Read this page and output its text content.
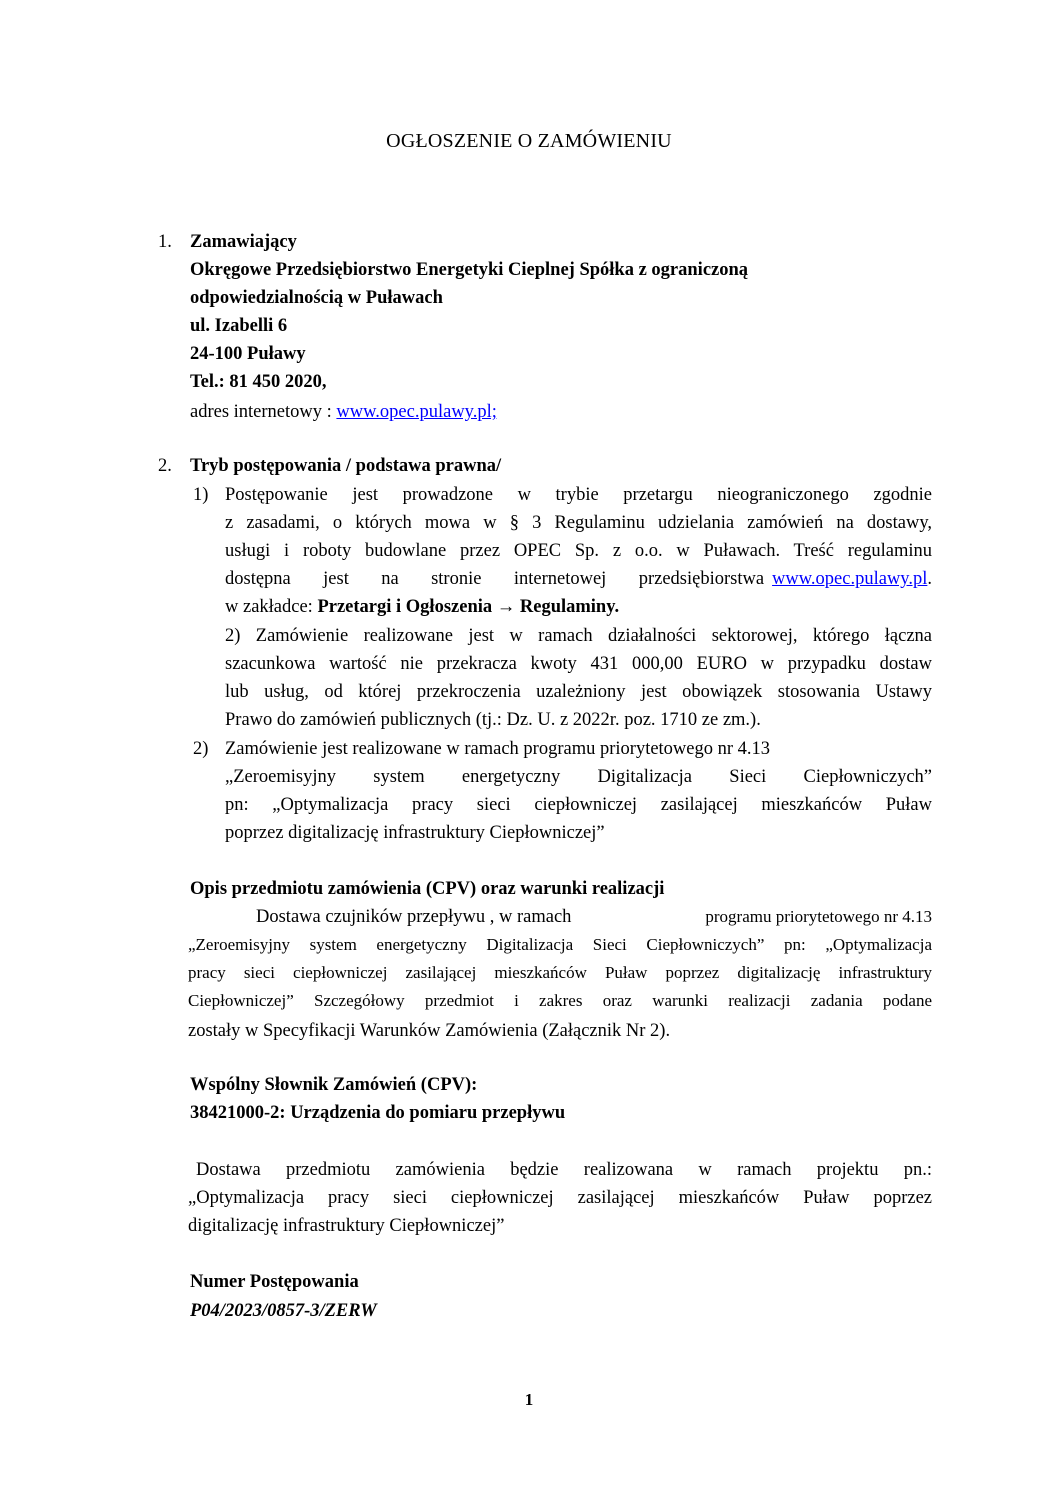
OGŁOSZENIE O ZAMÓWIENIU
1. Zamawiający
Okręgowe Przedsiębiorstwo Energetyki Cieplnej Spółka z ograniczoną
odpowiedzialnością w Puławach
ul. Izabelli 6
24-100 Puławy
Tel.: 81 450 2020,
adres internetowy : www.opec.pulawy.pl;
2. Tryb postępowania / podstawa prawna/
1) Postępowanie jest prowadzone w trybie przetargu nieograniczonego zgodnie
z zasadami, o których mowa w § 3 Regulaminu udzielania zamówień na dostawy,
usługi i roboty budowlane przez OPEC Sp. z o.o. w Puławach. Treść regulaminu
dostępna jest na stronie internetowej przedsiębiorstwa www.opec.pulawy.pl.
w zakładce: Przetargi i Ogłoszenia → Regulaminy.
2) Zamówienie realizowane jest w ramach działalności sektorowej, którego łączna
szacunkowa wartość nie przekracza kwoty 431 000,00 EURO w przypadku dostaw
lub usług, od której przekroczenia uzależniony jest obowiązek stosowania Ustawy
Prawo do zamówień publicznych (tj.: Dz. U. z 2022r. poz. 1710 ze zm.).
2) Zamówienie jest realizowane w ramach programu priorytetowego nr 4.13
„Zeroemisyjny system energetyczny Digitalizacja Sieci Ciepłowniczych”
pn: „Optymalizacja pracy sieci ciepłowniczej zasilającej mieszkańców Puław
poprzez digitalizację infrastruktury Ciepłowniczej”
Opis przedmiotu zamówienia (CPV) oraz warunki realizacji
Dostawa czujników przepływu , w ramach	programu priorytetowego nr 4.13
„Zeroemisyjny system energetyczny Digitalizacja Sieci Ciepłowniczych” pn: „Optymalizacja
pracy sieci ciepłowniczej zasilającej mieszkańców Puław poprzez digitalizację infrastruktury
Ciepłowniczej” Szczegółowy przedmiot i zakres oraz warunki realizacji zadania podane
zostały w Specyfikacji Warunków Zamówienia (Załącznik Nr 2).
Wspólny Słownik Zamówień (CPV):
38421000-2: Urządzenia do pomiaru przepływu
Dostawa przedmiotu zamówienia będzie realizowana w ramach projektu pn.:
„Optymalizacja pracy sieci ciepłowniczej zasilającej mieszkańców Puław poprzez
digitalizację infrastruktury Ciepłowniczej”
Numer Postępowania
P04/2023/0857-3/ZERW
1
